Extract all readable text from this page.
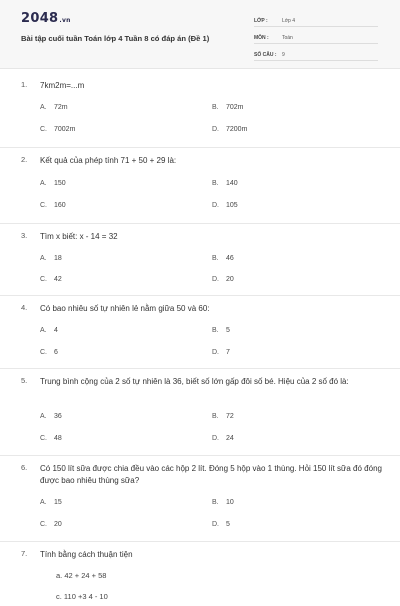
2048.vn
Bài tập cuối tuần Toán lớp 4 Tuần 8 có đáp án (Đề 1)
LỚP :	Lớp 4
MÔN :	Toán
SỐ CÂU :	9
1.	7km2m=...m
A.	72m	B.	702m
C.	7002m	D.	7200m
2.	Kết quả của phép tính 71 + 50 + 29 là:
A.	150	B.	140
C.	160	D.	105
3.	Tìm x biết: x - 14 = 32
A.	18	B.	46
C.	42	D.	20
4.	Có bao nhiêu số tự nhiên lẻ nằm giữa 50 và 60:
A.	4	B.	5
C.	6	D.	7
5.	Trung bình cộng của 2 số tự nhiên là 36, biết số lớn gấp đôi số bé. Hiệu của 2 số đó là:
A.	36	B.	72
C.	48	D.	24
6.	Có 150 lít sữa được chia đều vào các hộp 2 lít. Đóng 5 hộp vào 1 thùng. Hỏi 150 lít sữa đó đóng được bao nhiêu thùng sữa?
A.	15	B.	10
C.	20	D.	5
7.	Tính bằng cách thuận tiện
a. 42 + 24 + 58
c. 110 +3 4 - 10
